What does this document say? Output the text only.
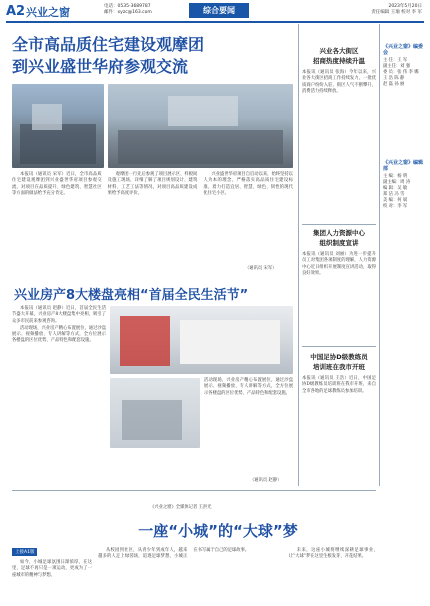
A2 兴业之窗	电话：0535-3689787
邮件：xyzc@163.com	综合要闻	2023年5月20日
责任编辑 王瑜 校对 李 军
全市高品质住宅建设观摩团
到兴业盛世华府参观交流

本报讯（通讯员 宋军）近日，全市高品质住宅建设观摩团到兴业盛世华府项目参观交流，对项目在品质提升、绿色建筑、智慧社区等方面的做法给予充分肯定。

观摩团一行先后参观了项目展示区、样板间及施工现场，详细了解了项目规划设计、建筑材料、工艺工法等情况，对项目高品质建设成果给予高度评价。

兴业盛世华府项目自启动以来，始终坚持以人为本的理念，严格落实高品质住宅建设标准，着力打造宜居、智慧、绿色、韧性的现代化住宅小区。

（通讯员 宋军）
兴业各大街区
招商热度持续升温
本报讯（通讯员 张海）今年以来，兴业各大街区招商工作持续发力，一批优质商户纷纷入驻，街区人气不断攀升，消费活力持续释放。
集团人力资源中心
组织制度宣讲
本报讯（通讯员 刘丽）为进一步提升员工对集团各项制度的理解，人力资源中心近日组织开展制度宣讲活动，取得良好效果。
中国足协D级教练员
培训班在我市开班
本报讯（通讯员 王浩）近日，中国足协D级教练员培训班在我市开班，来自全市各地的足球教练员参加培训。
兴业房产8大楼盘亮相“首届全民生活节”

本报讯（通讯员 赵静）近日，首届全民生活节盛大开幕，兴业房产8大楼盘集中亮相，吸引了众多市民前来参观咨询。

活动现场，兴业房产精心布置展位，通过沙盘展示、视频播放、专人讲解等方式，全方位展示各楼盘的区位优势、产品特色和配套设施。

活动现场，兴业房产精心布置展位，通过沙盘展示、视频播放、专人讲解等方式，全方位展示各楼盘的区位优势、产品特色和配套设施。
（通讯员 赵静）
一座“小城”的“大球”梦
《兴业之窗》全媒体记者 王洪光
上接A1版

如今，小城足球氛围日渐浓厚，在这里，足球不再只是一项运动，更成为了一座城市的精神与梦想。

从校园到社区，从青少年到成年人，越来越多的人走上绿茵场，追逐足球梦想，小城正在书写属于自己的足球故事。	未来，这座小城将继续深耕足球事业，让“大球”梦在这里生根发芽、开花结果。

《兴业之窗》编委会
主 任：王 军
副主任：刘 强
委 员：张 伟 李 娜
王 浩 陈 静
赵 磊 孙 丽
《兴业之窗》编辑部
主 编：杨 明
副主编：周 涛
编 辑：吴 敏
郑 洁 冯 雪
美 编：何 斌
校 对：李 军
